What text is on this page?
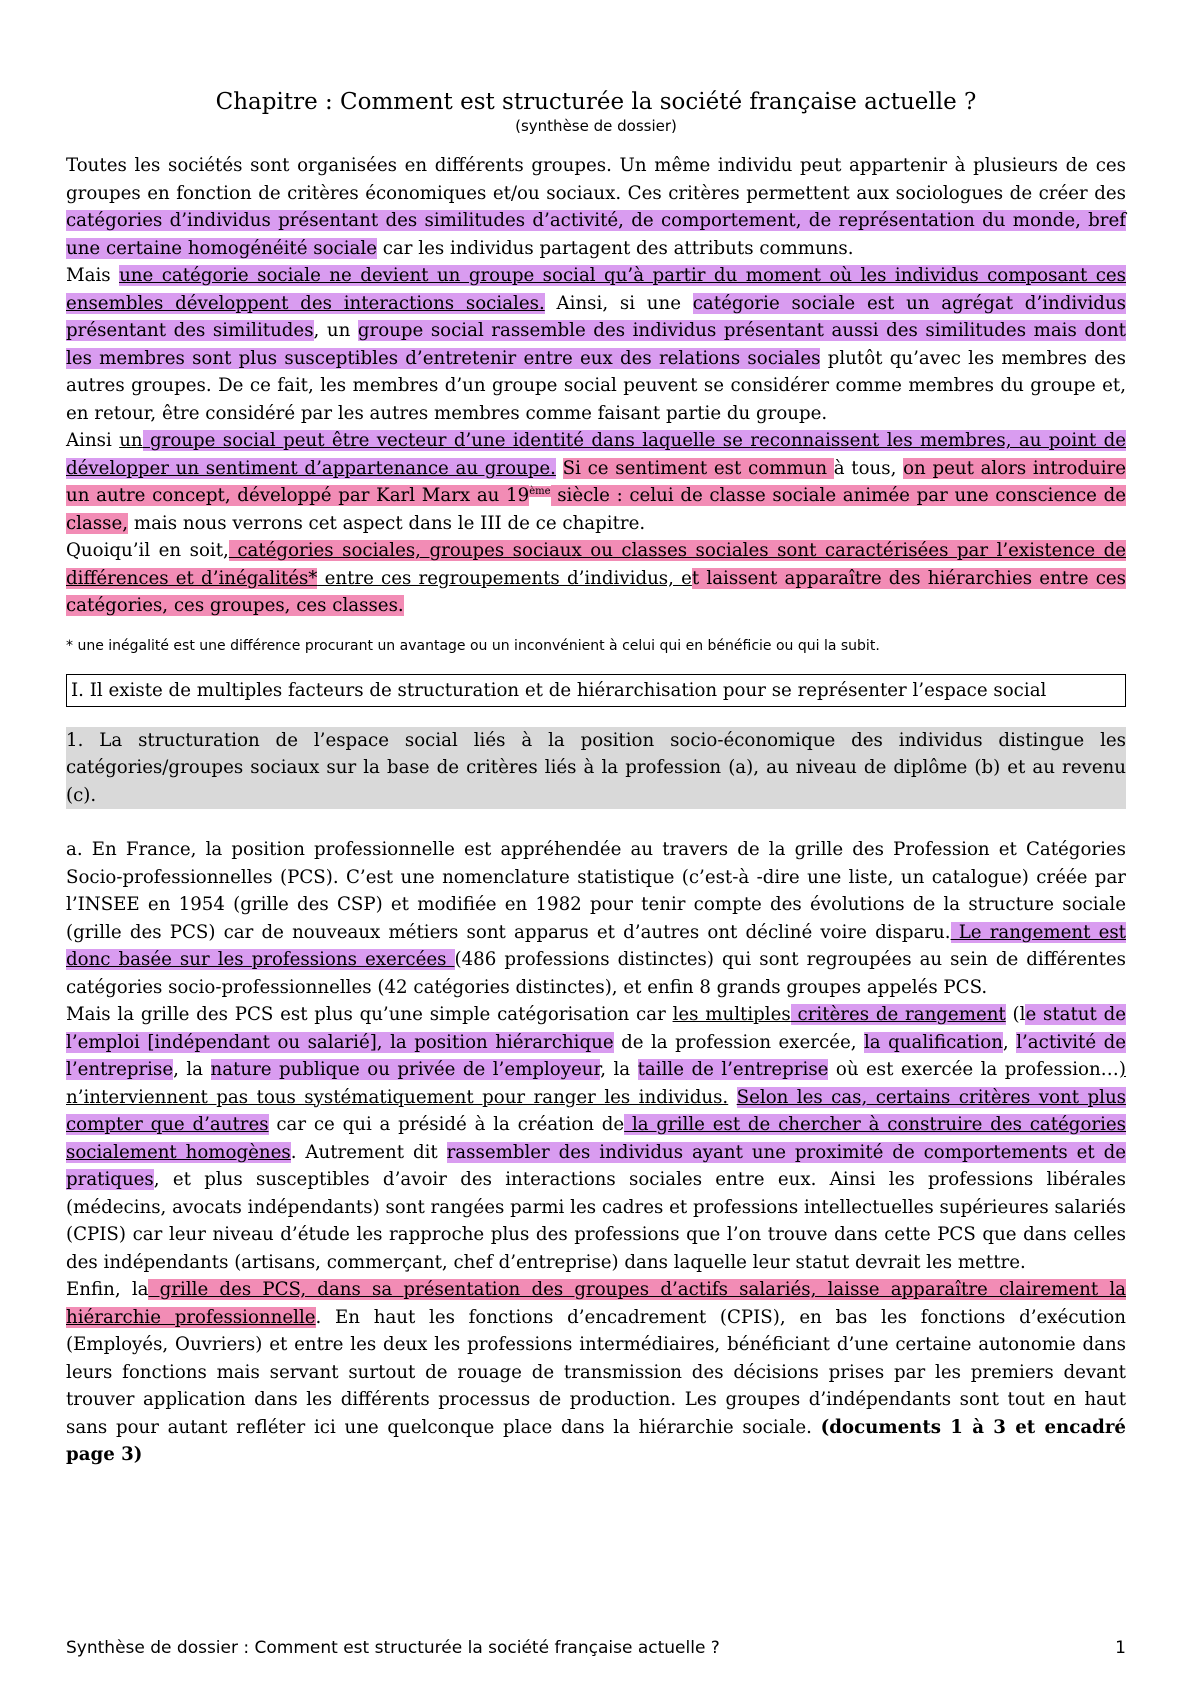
Chapitre : Comment est structurée la société française actuelle ?

(synthèse de dossier)

Toutes les sociétés sont organisées en différents groupes. Un même individu peut appartenir à plusieurs de ces groupes en fonction de critères économiques et/ou sociaux. Ces critères permettent aux sociologues de créer des catégories d’individus présentant des similitudes d’activité, de comportement, de représentation du monde, bref une certaine homogénéité sociale car les individus partagent des attributs communs.
Mais une catégorie sociale ne devient un groupe social qu’à partir du moment où les individus composant ces ensembles développent des interactions sociales. Ainsi, si une catégorie sociale est un agrégat d’individus présentant des similitudes, un groupe social rassemble des individus présentant aussi des similitudes mais dont les membres sont plus susceptibles d’entretenir entre eux des relations sociales plutôt qu’avec les membres des autres groupes. De ce fait, les membres d’un groupe social peuvent se considérer comme membres du groupe et, en retour, être considéré par les autres membres comme faisant partie du groupe.
Ainsi un groupe social peut être vecteur d’une identité dans laquelle se reconnaissent les membres, au point de développer un sentiment d’appartenance au groupe. Si ce sentiment est commun à tous, on peut alors introduire un autre concept, développé par Karl Marx au 19ème siècle : celui de classe sociale animée par une conscience de classe, mais nous verrons cet aspect dans le III de ce chapitre.
Quoiqu’il en soit, catégories sociales, groupes sociaux ou classes sociales sont caractérisées par l’existence de différences et d’inégalités* entre ces regroupements d’individus, et laissent apparaître des hiérarchies entre ces catégories, ces groupes, ces classes.

* une inégalité est une différence procurant un avantage ou un inconvénient à celui qui en bénéficie ou qui la subit.

I. Il existe de multiples facteurs de structuration et de hiérarchisation pour se représenter l’espace social
1. La structuration de l’espace social liés à la position socio-économique des individus distingue les catégories/groupes sociaux sur la base de critères liés à la profession (a), au niveau de diplôme (b) et au revenu (c).

a. En France, la position professionnelle est appréhendée au travers de la grille des Profession et Catégories Socio-professionnelles (PCS). C’est une nomenclature statistique (c’est-à -dire une liste, un catalogue) créée par l’INSEE en 1954 (grille des CSP) et modifiée en 1982 pour tenir compte des évolutions de la structure sociale (grille des PCS) car de nouveaux métiers sont apparus et d’autres ont décliné voire disparu. Le rangement est donc basée sur les professions exercées (486 professions distinctes) qui sont regroupées au sein de différentes catégories socio-professionnelles (42 catégories distinctes), et enfin 8 grands groupes appelés PCS.
Mais la grille des PCS est plus qu’une simple catégorisation car les multiples critères de rangement (le statut de l’emploi [indépendant ou salarié], la position hiérarchique de la profession exercée, la qualification, l’activité de l’entreprise, la nature publique ou privée de l’employeur, la taille de l’entreprise où est exercée la profession…) n’interviennent pas tous systématiquement pour ranger les individus. Selon les cas, certains critères vont plus compter que d’autres car ce qui a présidé à la création de la grille est de chercher à construire des catégories socialement homogènes. Autrement dit rassembler des individus ayant une proximité de comportements et de pratiques, et plus susceptibles d’avoir des interactions sociales entre eux. Ainsi les professions libérales (médecins, avocats indépendants) sont rangées parmi les cadres et professions intellectuelles supérieures salariés (CPIS) car leur niveau d’étude les rapproche plus des professions que l’on trouve dans cette PCS que dans celles des indépendants (artisans, commerçant, chef d’entreprise) dans laquelle leur statut devrait les mettre.
Enfin, la grille des PCS, dans sa présentation des groupes d’actifs salariés, laisse apparaître clairement la hiérarchie professionnelle. En haut les fonctions d’encadrement (CPIS), en bas les fonctions d’exécution (Employés, Ouvriers) et entre les deux les professions intermédiaires, bénéficiant d’une certaine autonomie dans leurs fonctions mais servant surtout de rouage de transmission des décisions prises par les premiers devant trouver application dans les différents processus de production. Les groupes d’indépendants sont tout en haut sans pour autant refléter ici une quelconque place dans la hiérarchie sociale. (documents 1 à 3 et encadré page 3)

Synthèse de dossier : Comment est structurée la société française actuelle ?	1
